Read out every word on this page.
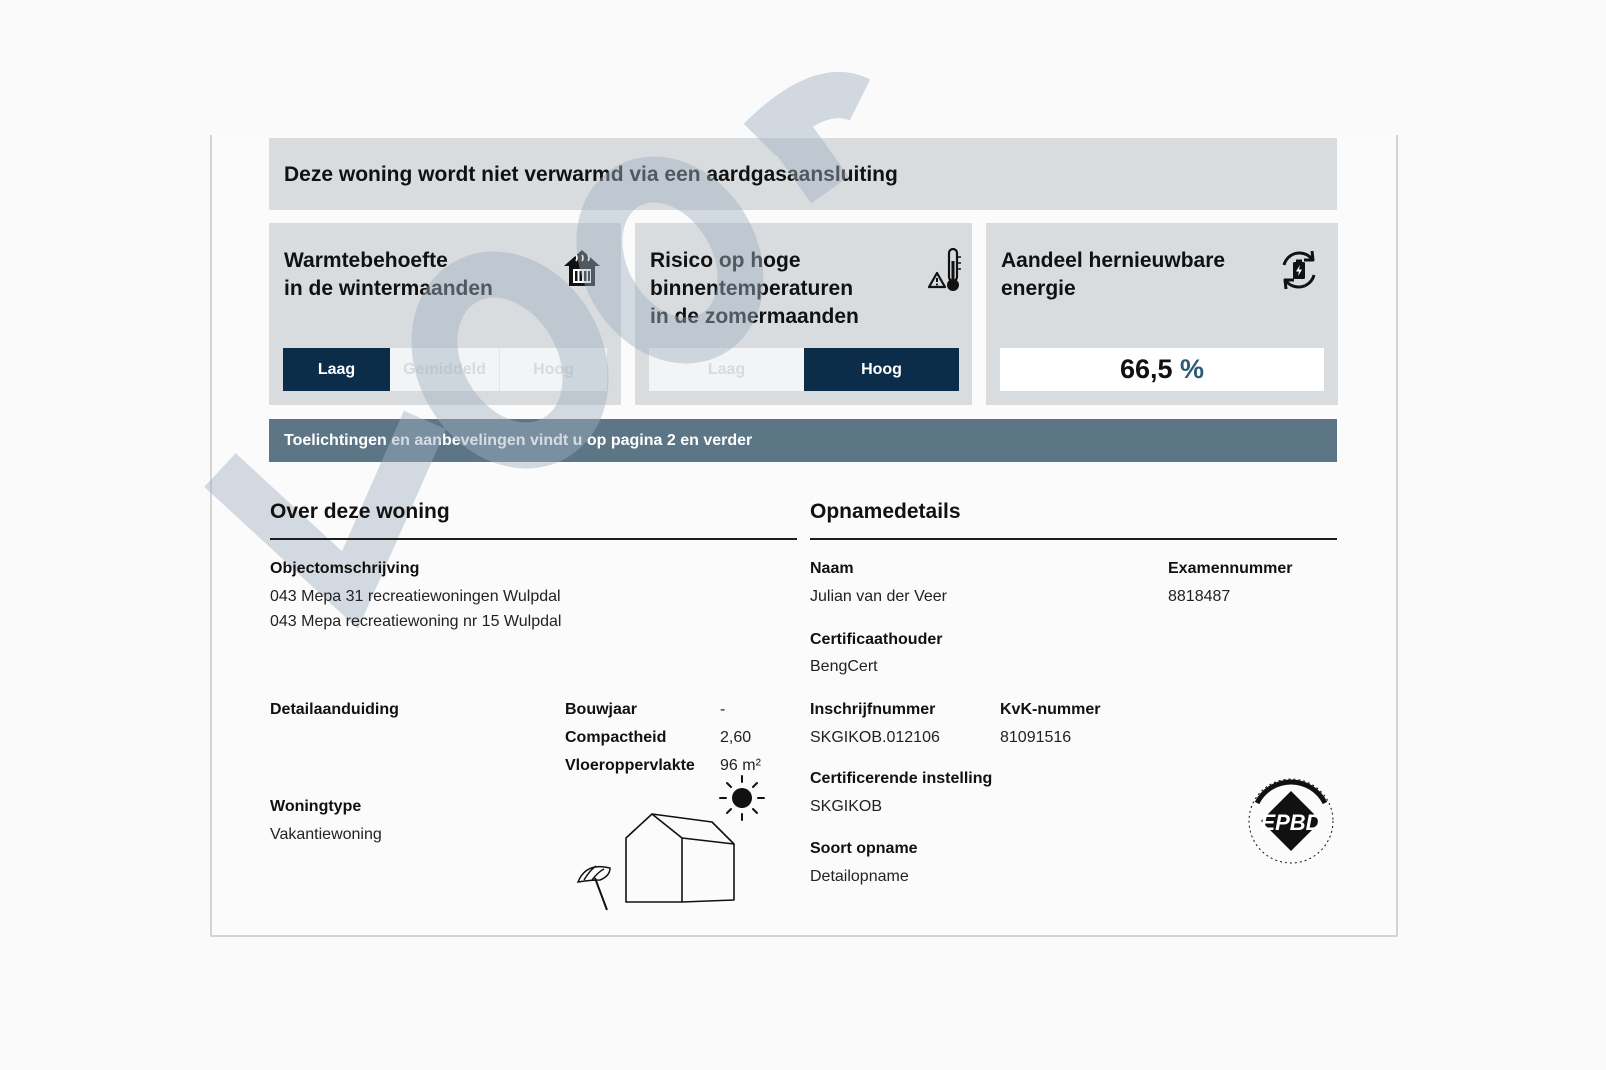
Deze woning wordt niet verwarmd via een aardgasaansluiting
Warmtebehoefte
in de wintermaanden
Laag	Gemiddeld	Hoog
Risico op hoge
binnentemperaturen
in de zomermaanden
Laag	Hoog
Aandeel hernieuwbare
energie
66,5 %
Toelichtingen en aanbevelingen vindt u op pagina 2 en verder
Over deze woning
Objectomschrijving
043 Mepa 31 recreatiewoningen Wulpdal
043 Mepa recreatiewoning nr 15 Wulpdal
Detailaanduiding	Bouwjaar	-
Compactheid	2,60
Vloeroppervlakte 96 m²
Woningtype
Vakantiewoning
Opnamedetails
Naam
Julian van der Veer
Examennummer
8818487
Certificaathouder
BengCert
Inschrijfnummer
SKGIKOB.012106
KvK-nummer
81091516
Certificerende instelling
SKGIKOB
Soort opname
Detailopname
EPBD
